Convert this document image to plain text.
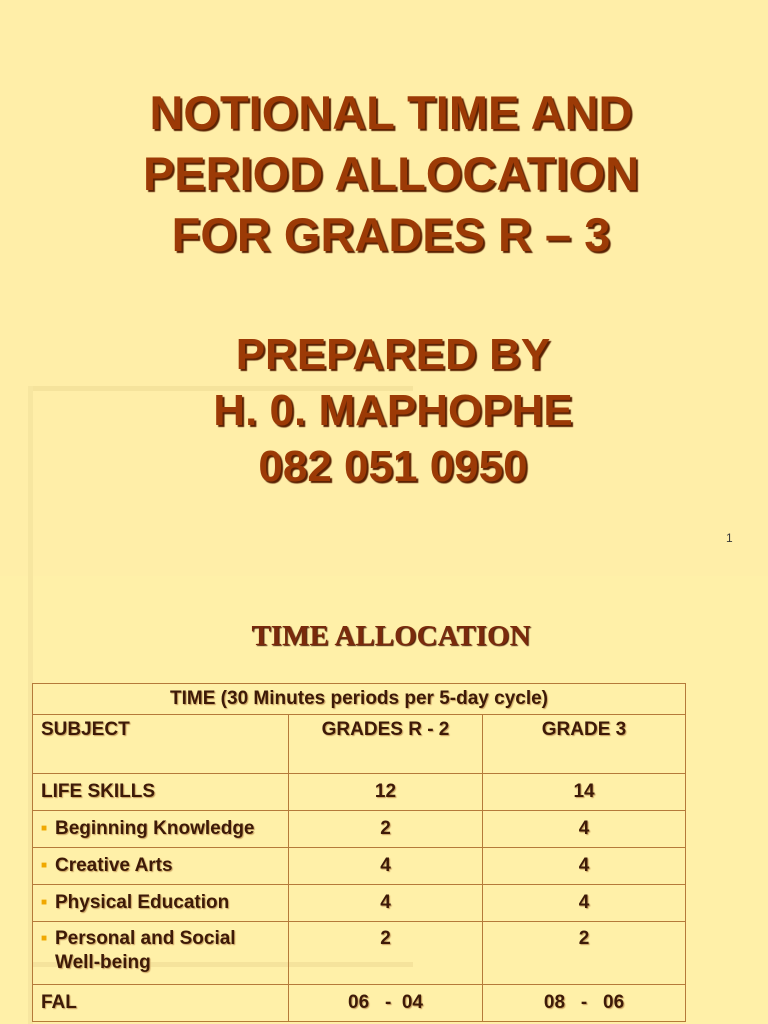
NOTIONAL TIME AND
PERIOD ALLOCATION
FOR GRADES R – 3
PREPARED BY
H. 0. MAPHOPHE
082 051 0950
1
TIME ALLOCATION
TIME (30 Minutes periods per 5-day cycle)		
SUBJECT	GRADES R - 2	GRADE 3
LIFE SKILLS	12	14
■ Beginning Knowledge	2	4
■ Creative Arts	4	4
■ Physical Education	4	4
■ Personal and Social
Well-being	2	2
FAL	06   -  04	08   -   06
